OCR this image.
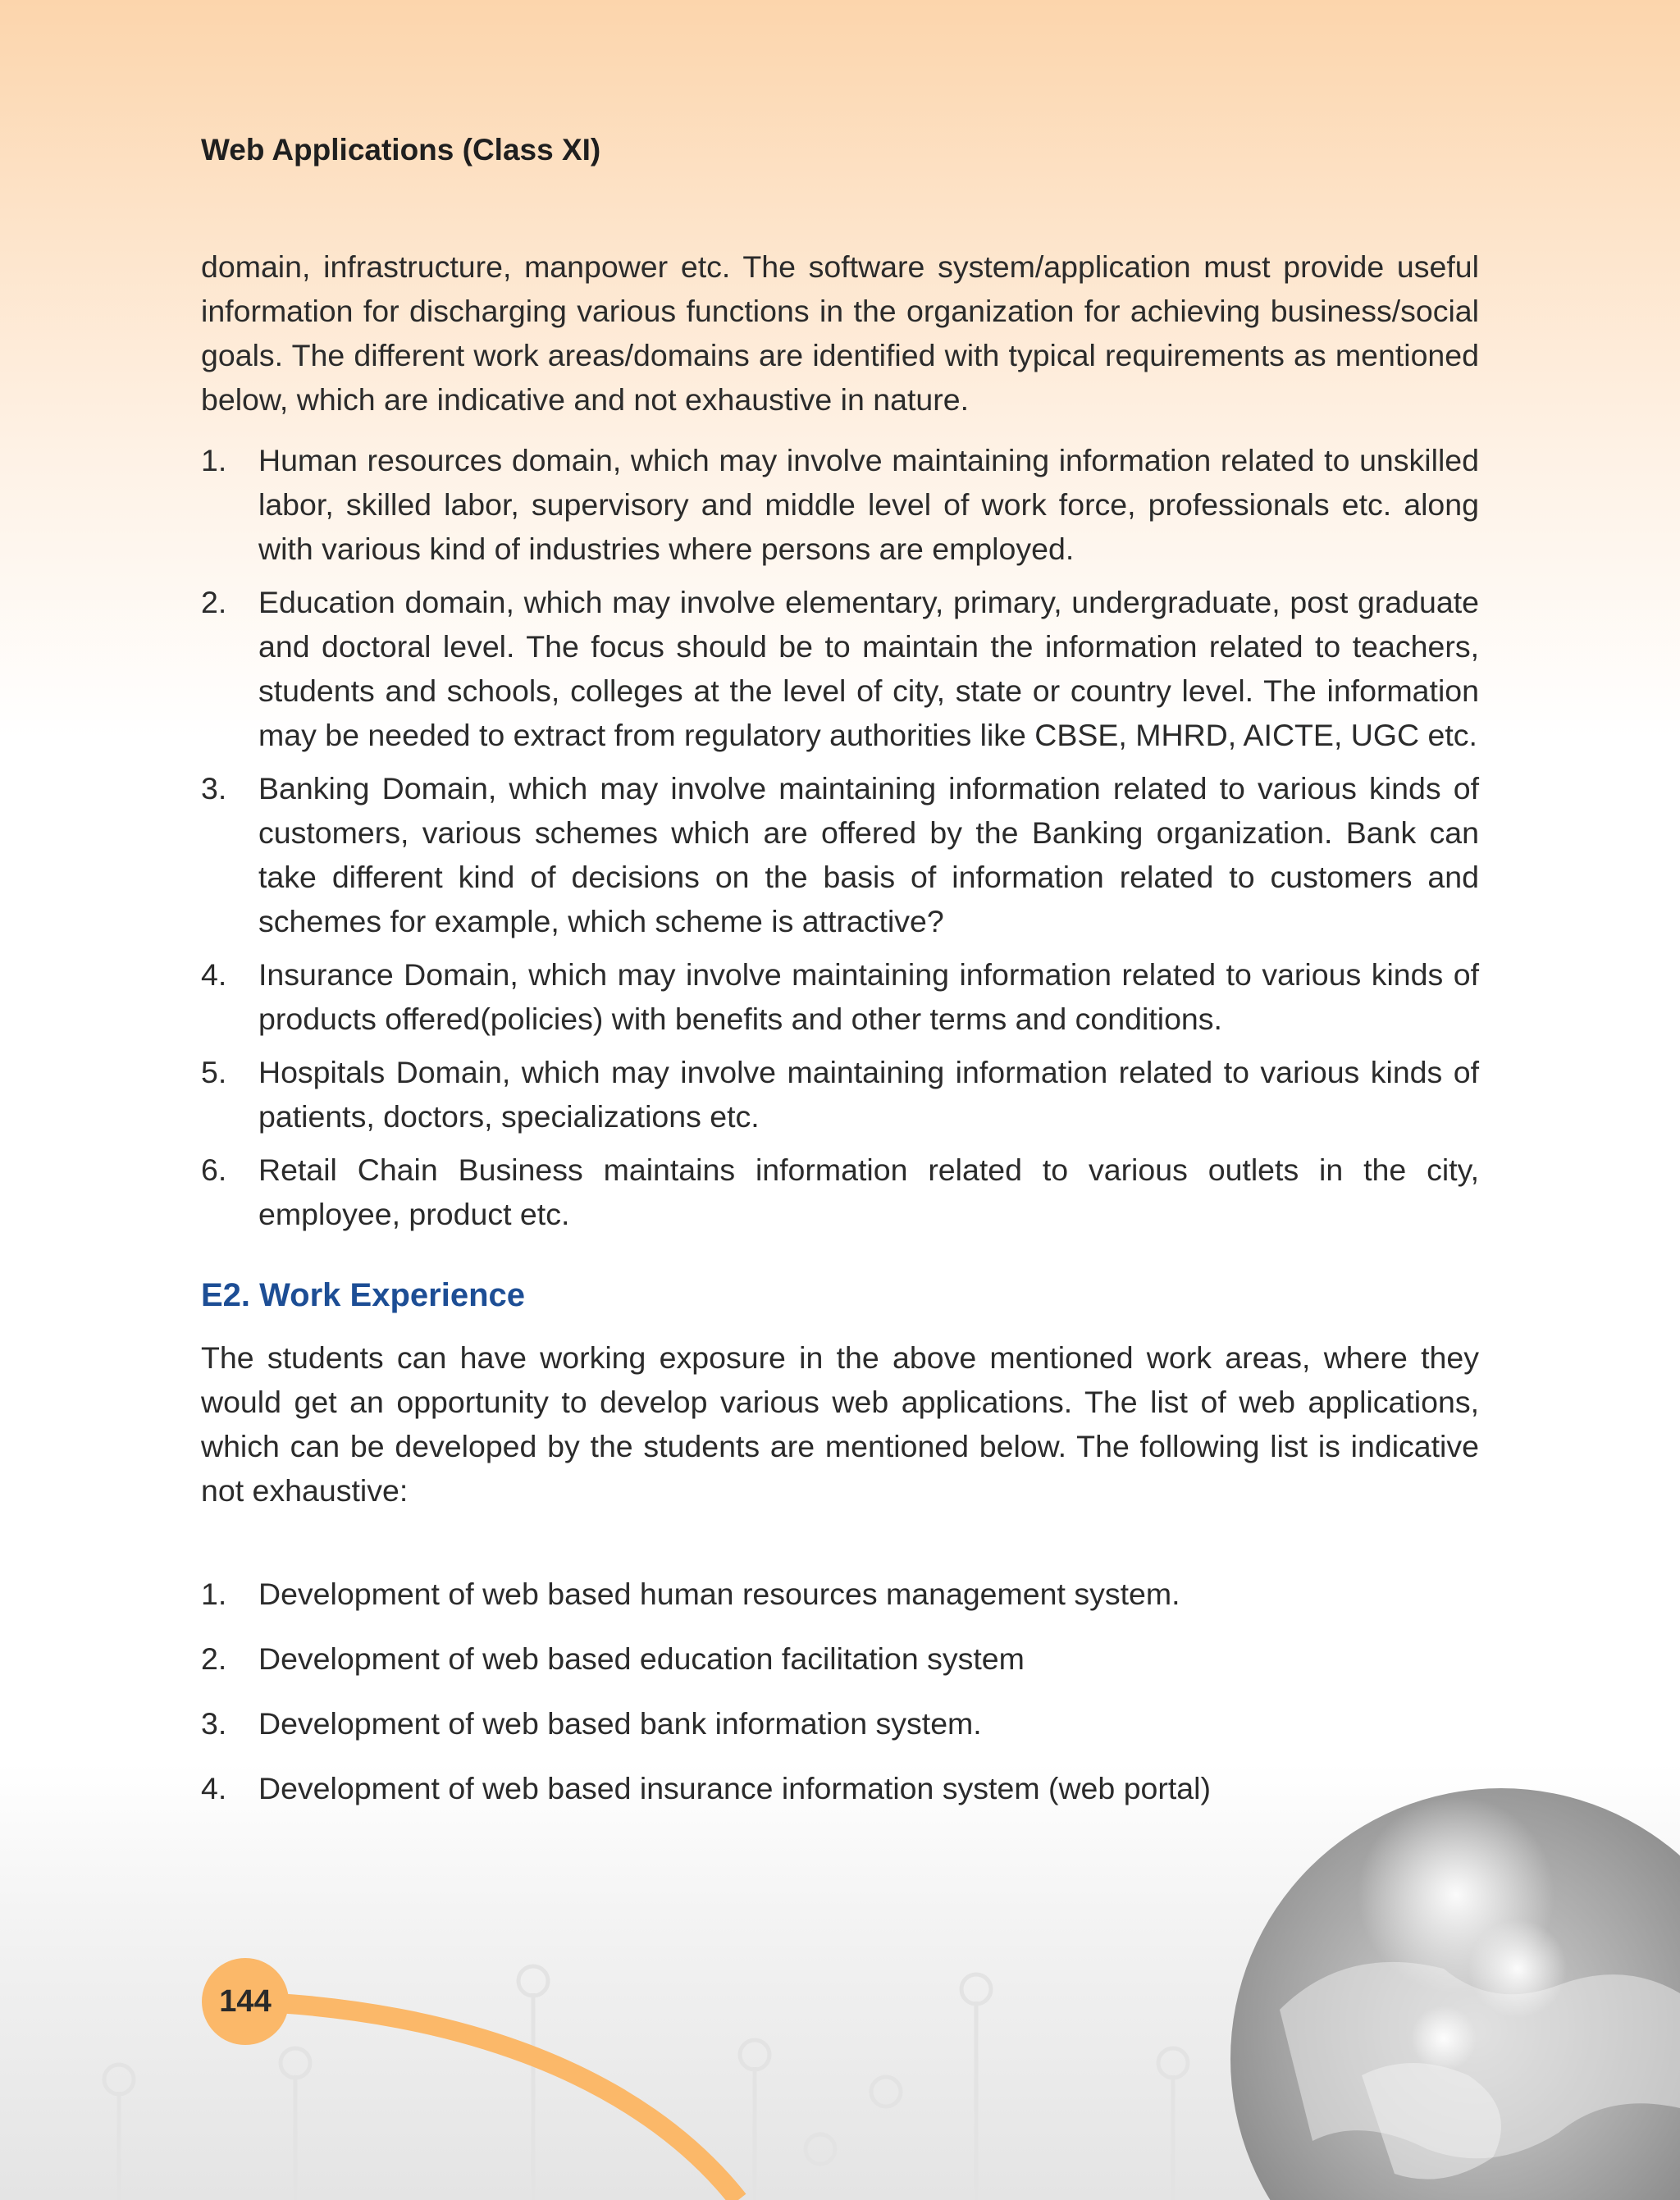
Web Applications (Class XI)

domain, infrastructure, manpower etc. The software system/application must provide useful information for discharging various functions in the organization for achieving business/social goals. The different work areas/domains are identified with typical requirements as mentioned below, which are indicative and not exhaustive in nature.

1. Human resources domain, which may involve maintaining information related to unskilled labor, skilled labor, supervisory and middle level of work force, professionals etc. along with various kind of industries where persons are employed.
2. Education domain, which may involve elementary, primary, undergraduate, post graduate and doctoral level. The focus should be to maintain the information related to teachers, students and schools, colleges at the level of city, state or country level. The information may be needed to extract from regulatory authorities like CBSE, MHRD, AICTE, UGC etc.
3. Banking Domain, which may involve maintaining information related to various kinds of customers, various schemes which are offered by the Banking organization. Bank can take different kind of decisions on the basis of information related to customers and schemes for example, which scheme is attractive?
4. Insurance Domain, which may involve maintaining information related to various kinds of products offered(policies) with benefits and other terms and conditions.
5. Hospitals Domain, which may involve maintaining information related to various kinds of patients, doctors, specializations etc.
6. Retail Chain Business maintains information related to various outlets in the city, employee, product etc.
E2. Work Experience

The students can have working exposure in the above mentioned work areas, where they would get an opportunity to develop various web applications. The list of web applications, which can be developed by the students are mentioned below. The following list is indicative not exhaustive:

1. Development of web based human resources management system.
2. Development of web based education facilitation system
3. Development of web based bank information system.
4. Development of web based insurance information system (web portal)
144
